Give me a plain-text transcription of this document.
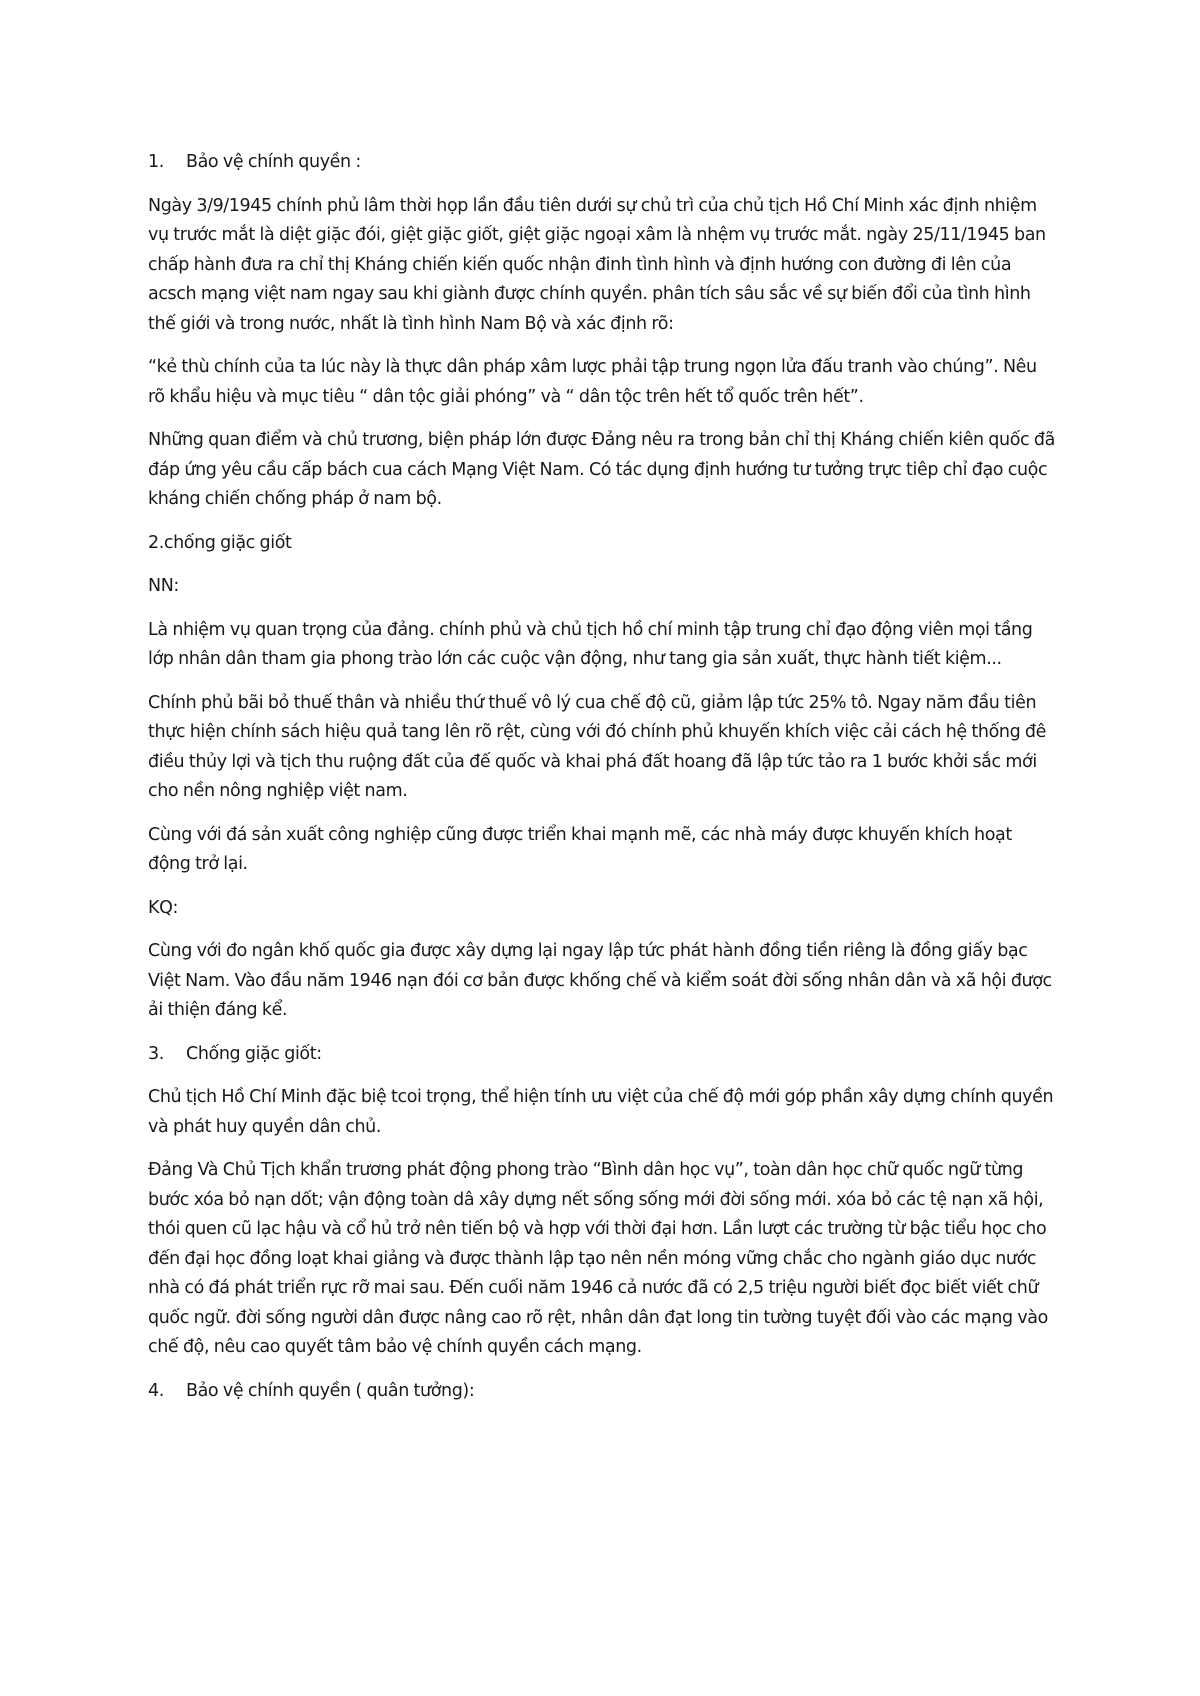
1.	Bảo vệ chính quyền :

Ngày 3/9/1945 chính phủ lâm thời họp lần đầu tiên dưới sự chủ trì của chủ tịch Hồ Chí Minh xác định nhiệm vụ trước mắt là diệt giặc đói, giệt giặc giốt, giệt giặc ngoại xâm là nhệm vụ trước mắt. ngày 25/11/1945 ban chấp hành đưa ra chỉ thị Kháng chiến kiến quốc nhận đinh tình hình và định hướng con đường đi lên của acsch mạng việt nam ngay sau khi giành được chính quyền. phân tích sâu sắc về sự biến đổi của tình hình thế giới và trong nước, nhất là tình hình Nam Bộ và xác định rõ:

“kẻ thù chính của ta lúc này là thực dân pháp xâm lược phải tập trung ngọn lửa đấu tranh vào chúng”. Nêu rõ khẩu hiệu và mục tiêu “ dân tộc giải phóng” và “ dân tộc trên hết tổ quốc trên hết”.

Những quan điểm và chủ trương, biện pháp lớn được Đảng nêu ra trong bản chỉ thị Kháng chiến kiên quốc đã đáp ứng yêu cầu cấp bách cua cách Mạng Việt Nam. Có tác dụng định hướng tư tưởng trực tiêp chỉ đạo cuộc kháng chiến chống pháp ở nam bộ.

2.chống giặc giốt

NN:

Là nhiệm vụ quan trọng của đảng. chính phủ và chủ tịch hồ chí minh tập trung chỉ đạo động viên mọi tầng lớp nhân dân tham gia phong trào lớn các cuộc vận động, như tang gia sản xuất, thực hành tiết kiệm...

Chính phủ bãi bỏ thuế thân và nhiều thứ thuế vô lý cua chế độ cũ, giảm lập tức 25% tô. Ngay năm đầu tiên thực hiện chính sách hiệu quả tang lên rõ rệt, cùng với đó chính phủ khuyến khích việc cải cách hệ thống đê điều thủy lợi và tịch thu ruộng đất của đế quốc và khai phá đất hoang đã lập tức tảo ra 1 bước khởi sắc mới cho nền nông nghiệp việt nam.

Cùng với đá sản xuất công nghiệp cũng được triển khai mạnh mẽ, các nhà máy được khuyến khích hoạt động trở lại.

KQ:

Cùng với đo ngân khố quốc gia được xây dựng lại ngay lập tức phát hành đồng tiền riêng là đồng giấy bạc Việt Nam. Vào đầu năm 1946 nạn đói cơ bản được khống chế và kiểm soát đời sống nhân dân và xã hội được ải thiện đáng kể.

3.	Chống giặc giốt:

Chủ tịch Hồ Chí Minh đặc biệ tcoi trọng, thể hiện tính ưu việt của chế độ mới góp phần xây dựng chính quyền và phát huy quyền dân chủ.

Đảng Và Chủ Tịch khẩn trương phát động phong trào “Bình dân học vụ”, toàn dân học chữ quốc ngữ từng bước xóa bỏ nạn dốt; vận động toàn dâ xây dựng nết sống sống mới đời sống mới. xóa bỏ các tệ nạn xã hội, thói quen cũ lạc hậu và cổ hủ trở nên tiến bộ và hợp với thời đại hơn. Lần lượt các trường từ bậc tiểu học cho đến đại học đồng loạt khai giảng và được thành lập tạo nên nền móng vững chắc cho ngành giáo dục nước nhà có đá phát triển rực rỡ mai sau. Đến cuối năm 1946 cả nước đã có 2,5 triệu người biết đọc biết viết chữ quốc ngữ. đời sống người dân được nâng cao rõ rệt, nhân dân đạt long tin tường tuyệt đối vào các mạng vào chế độ, nêu cao quyết tâm bảo vệ chính quyền cách mạng.

4.	Bảo vệ chính quyền ( quân tưởng):
